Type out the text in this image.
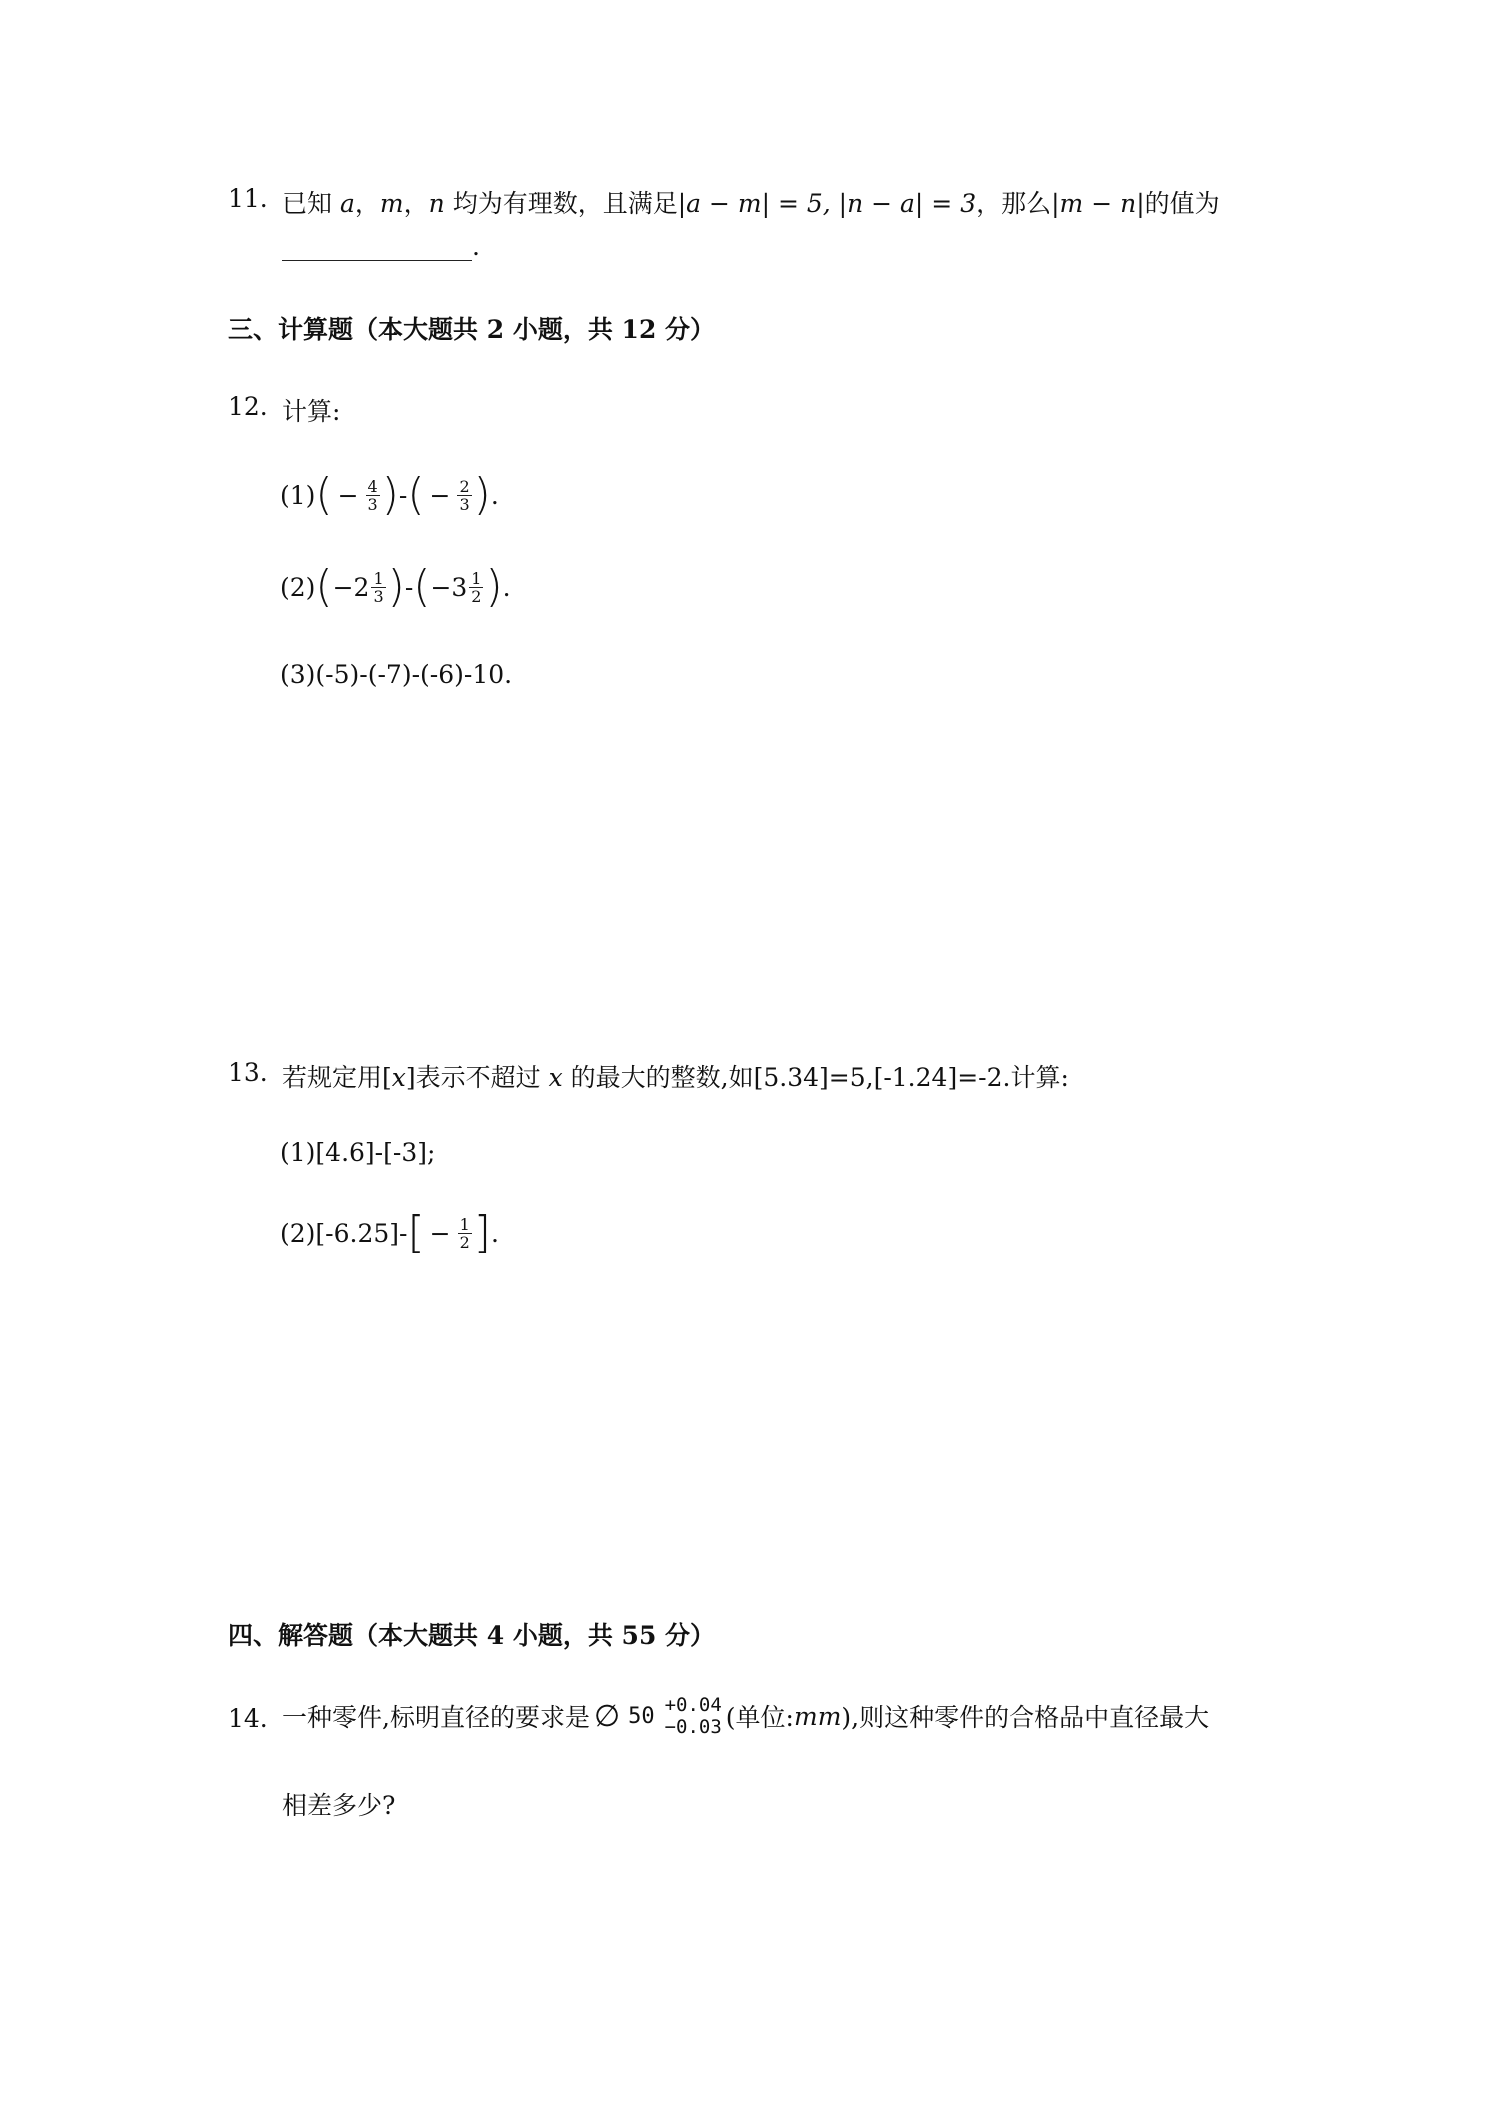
11. 已知 a，m，n 均为有理数，且满足|a − m| = 5, |n − a| = 3，那么|m − n|的值为
.
三、计算题（本大题共 2 小题，共 12 分）
12. 计算:
(1) ( − $\frac{4}{3}$ ) - ( − $\frac{2}{3}$ ) .
(2) ( $-2 \frac{1}{3}$ ) - ( $-3 \frac{1}{2}$ ) .
(3)(-5)-(-7)-(-6)-10.
13. 若规定用[x]表示不超过 x 的最大的整数,如[5.34]=5,[-1.24]=-2.计算:
(1)[4.6]-[-3];
(2)[-6.25]- [ − $\frac{1}{2}$ ] .
四、解答题（本大题共 4 小题，共 55 分）
14. 一种零件,标明直径的要求是 ∅ 50 +0.04
−0.03 (单位: mm ),则这种零件的合格品中直径最大
相差多少?
